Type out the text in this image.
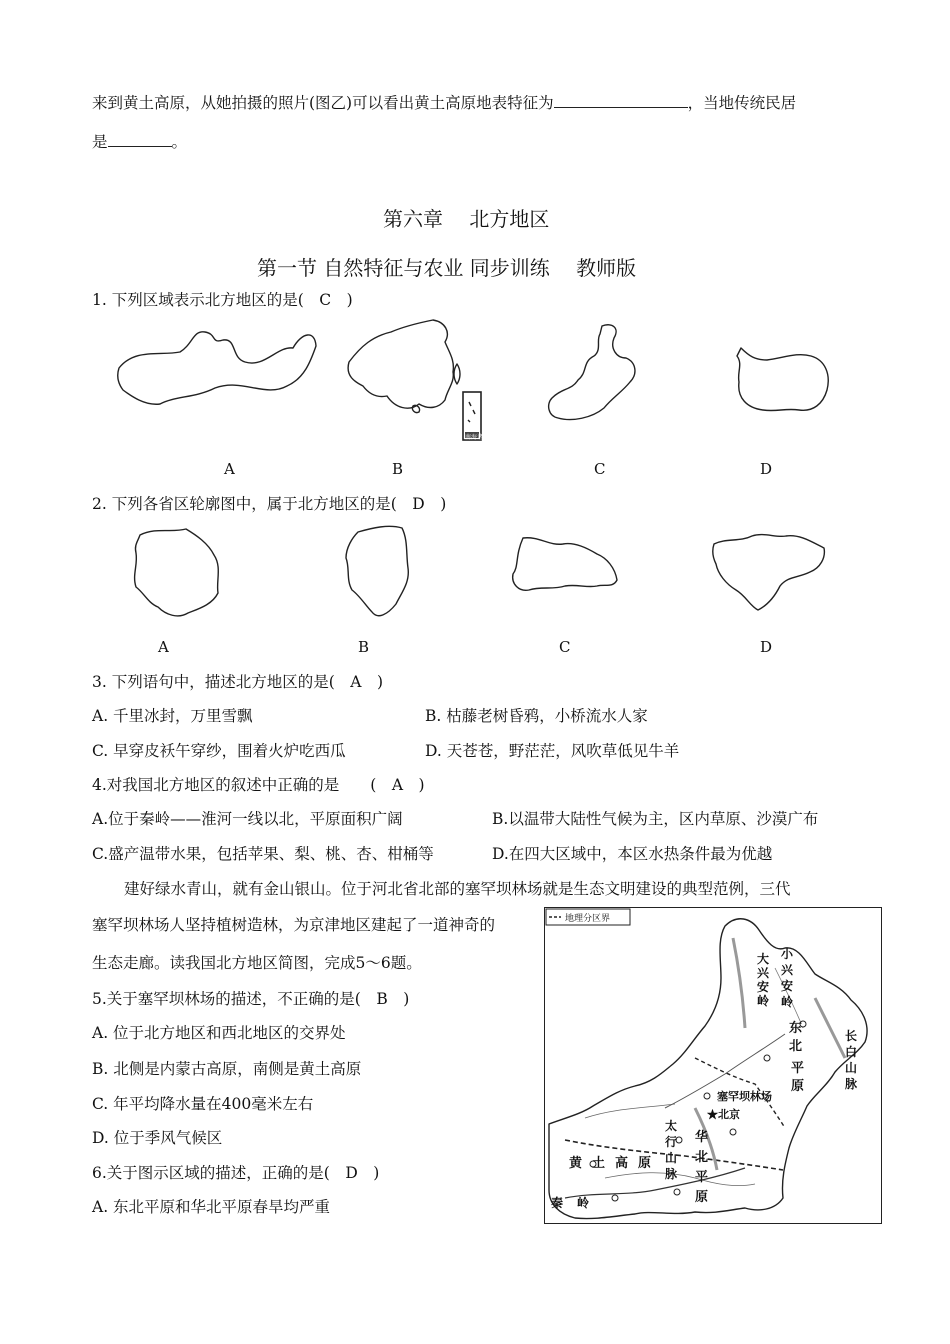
来到黄土高原，从她拍摄的照片(图乙)可以看出黄土高原地表特征为	，当地传统民居
是	。
第六章　 北方地区
第一节 自然特征与农业 同步训练　 教师版
1. 下列区域表示北方地区的是(　C　)
A	B	C	D
2. 下列各省区轮廓图中，属于北方地区的是(　D　)
A	B	C	D
3. 下列语句中，描述北方地区的是(　A　)
A. 千里冰封，万里雪飘	B. 枯藤老树昏鸦，小桥流水人家
C. 早穿皮袄午穿纱，围着火炉吃西瓜	D. 天苍苍，野茫茫，风吹草低见牛羊
4.对我国北方地区的叙述中正确的是　　(　A　)
A.位于秦岭——淮河一线以北，平原面积广阔	B.以温带大陆性气候为主，区内草原、沙漠广布
C.盛产温带水果，包括苹果、梨、桃、杏、柑桶等	D.在四大区域中，本区水热条件最为优越
建好绿水青山，就有金山银山。位于河北省北部的塞罕坝林场就是生态文明建设的典型范例，三代
塞罕坝林场人坚持植树造林，为京津地区建起了一道神奇的
生态走廊。读我国北方地区简图，完成5～6题。
5.关于塞罕坝林场的描述，不正确的是(　B　)
A. 位于北方地区和西北地区的交界处
B. 北侧是内蒙古高原，南侧是黄土高原
C. 年平均降水量在400毫米左右
D. 位于季风气候区
6.关于图示区域的描述，正确的是(　D　)
A. 东北平原和华北平原春旱均严重
地理分区界
大
兴
安
岭
小
兴
安
岭
东
北
平
原
长
白
山
脉
塞罕坝林场
★北京
太
行
山
脉
华
北
平
原
黄土高原
秦岭
南海诸岛
